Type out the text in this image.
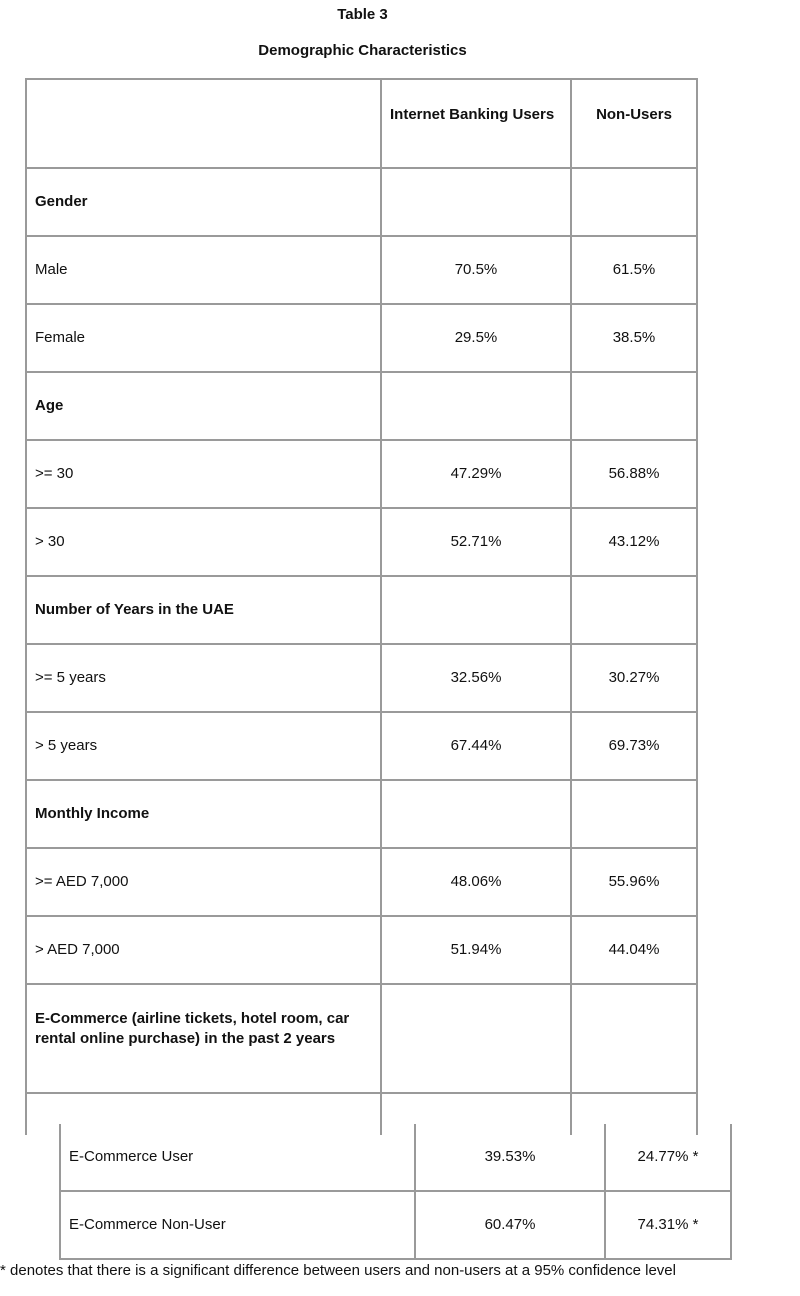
Table 3
Demographic Characteristics

	Internet Banking Users	Non-Users

Gender		

Male	70.5%	61.5%

Female	29.5%	38.5%

Age		

>= 30	47.29%	56.88%

> 30	52.71%	43.12%

Number of Years in the UAE		

>= 5 years	32.56%	30.27%

> 5 years	67.44%	69.73%

Monthly Income		

>= AED 7,000	48.06%	55.96%

> AED 7,000	51.94%	44.04%

E-Commerce (airline tickets, hotel room, car rental online purchase) in the past 2 years		

E-Commerce User	39.53%	24.77% *

E-Commerce Non-User	60.47%	74.31% *
* denotes that there is a significant difference between users and non-users at a 95% confidence level
